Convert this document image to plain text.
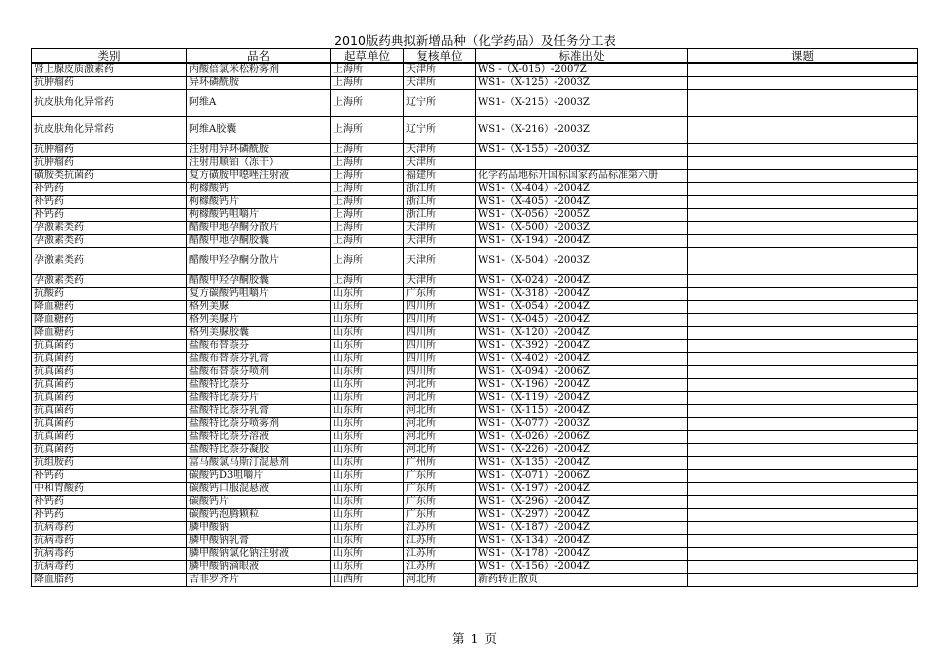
2010版药典拟新增品种（化学药品）及任务分工表
类别	品名	起草单位	复核单位	标准出处	课题
肾上腺皮质激素药	丙酸倍氯米松粉雾剂	上海所	天津所	WS -（X-015）-2007Z	
抗肿瘤药	异环磷酰胺	上海所	天津所	WS1-（X-125）-2003Z	
抗皮肤角化异常药	阿维A	上海所	辽宁所	WS1-（X-215）-2003Z	
抗皮肤角化异常药	阿维A胶囊	上海所	辽宁所	WS1-（X-216）-2003Z	
抗肿瘤药	注射用异环磷酰胺	上海所	天津所	WS1-（X-155）-2003Z	
抗肿瘤药	注射用顺铂（冻干）	上海所	天津所		
磺胺类抗菌药	复方磺胺甲噁唑注射液	上海所	福建所	化学药品地标升国标国家药品标准第六册	
补钙药	枸橼酸钙	上海所	浙江所	WS1-（X-404）-2004Z	
补钙药	枸橼酸钙片	上海所	浙江所	WS1-（X-405）-2004Z	
补钙药	枸橼酸钙咀嚼片	上海所	浙江所	WS1-（X-056）-2005Z	
孕激素类药	醋酸甲地孕酮分散片	上海所	天津所	WS1-（X-500）-2003Z	
孕激素类药	醋酸甲地孕酮胶囊	上海所	天津所	WS1-（X-194）-2004Z	
孕激素类药	醋酸甲羟孕酮分散片	上海所	天津所	WS1-（X-504）-2003Z	
孕激素类药	醋酸甲羟孕酮胶囊	上海所	天津所	WS1-（X-024）-2004Z	
抗酸药	复方碳酸钙咀嚼片	山东所	广东所	WS1-（X-318）-2004Z	
降血糖药	格列美脲	山东所	四川所	WS1-（X-054）-2004Z	
降血糖药	格列美脲片	山东所	四川所	WS1-（X-045）-2004Z	
降血糖药	格列美脲胶囊	山东所	四川所	WS1-（X-120）-2004Z	
抗真菌药	盐酸布替萘芬	山东所	四川所	WS1-（X-392）-2004Z	
抗真菌药	盐酸布替萘芬乳膏	山东所	四川所	WS1-（X-402）-2004Z	
抗真菌药	盐酸布替萘芬喷剂	山东所	四川所	WS1-（X-094）-2006Z	
抗真菌药	盐酸特比萘芬	山东所	河北所	WS1-（X-196）-2004Z	
抗真菌药	盐酸特比萘芬片	山东所	河北所	WS1-（X-119）-2004Z	
抗真菌药	盐酸特比萘芬乳膏	山东所	河北所	WS1-（X-115）-2004Z	
抗真菌药	盐酸特比萘芬喷雾剂	山东所	河北所	WS1-（X-077）-2003Z	
抗真菌药	盐酸特比萘芬溶液	山东所	河北所	WS1-（X-026）-2006Z	
抗真菌药	盐酸特比萘芬凝胶	山东所	河北所	WS1-（X-226）-2004Z	
抗组胺药	富马酸氯马斯汀混悬剂	山东所	广州所	WS1-（X-135）-2004Z	
补钙药	碳酸钙D3咀嚼片	山东所	广东所	WS1-（X-071）-2006Z	
中和胃酸药	碳酸钙口服混悬液	山东所	广东所	WS1-（X-197）-2004Z	
补钙药	碳酸钙片	山东所	广东所	WS1-（X-296）-2004Z	
补钙药	碳酸钙泡腾颗粒	山东所	广东所	WS1-（X-297）-2004Z	
抗病毒药	膦甲酸钠	山东所	江苏所	WS1-（X-187）-2004Z	
抗病毒药	膦甲酸钠乳膏	山东所	江苏所	WS1-（X-134）-2004Z	
抗病毒药	膦甲酸钠氯化钠注射液	山东所	江苏所	WS1-（X-178）-2004Z	
抗病毒药	膦甲酸钠滴眼液	山东所	江苏所	WS1-（X-156）-2004Z	
降血脂药	吉非罗齐片	山西所	河北所	新药转正散页	
第 1 页
